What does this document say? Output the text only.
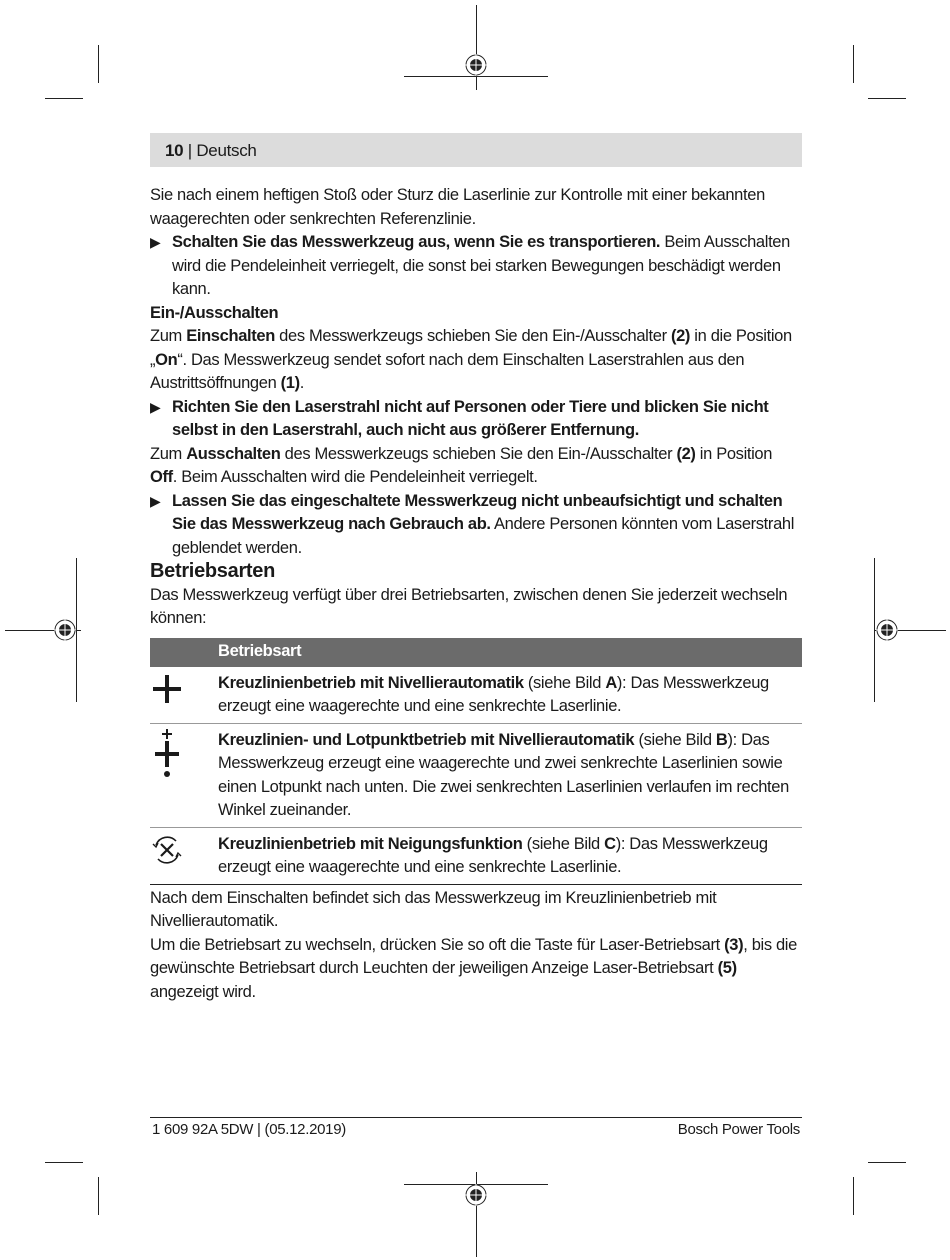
10 | Deutsch

Sie nach einem heftigen Stoß oder Sturz die Laserlinie zur Kontrolle mit einer bekannten waagerechten oder senkrechten Referenzlinie.

▶ Schalten Sie das Messwerkzeug aus, wenn Sie es transportieren. Beim Ausschalten wird die Pendeleinheit verriegelt, die sonst bei starken Bewegungen beschädigt werden kann.

Ein-/Ausschalten

Zum Einschalten des Messwerkzeugs schieben Sie den Ein-/Ausschalter (2) in die Position „On“. Das Messwerkzeug sendet sofort nach dem Einschalten Laserstrahlen aus den Austrittsöffnungen (1).

▶ Richten Sie den Laserstrahl nicht auf Personen oder Tiere und blicken Sie nicht selbst in den Laserstrahl, auch nicht aus größerer Entfernung.

Zum Ausschalten des Messwerkzeugs schieben Sie den Ein-/Ausschalter (2) in Position Off. Beim Ausschalten wird die Pendeleinheit verriegelt.

▶ Lassen Sie das eingeschaltete Messwerkzeug nicht unbeaufsichtigt und schalten Sie das Messwerkzeug nach Gebrauch ab. Andere Personen könnten vom Laserstrahl geblendet werden.

Betriebsarten

Das Messwerkzeug verfügt über drei Betriebsarten, zwischen denen Sie jederzeit wechseln können:

	Betriebsart

	Kreuzlinienbetrieb mit Nivellierautomatik (siehe Bild A): Das Messwerkzeug erzeugt eine waagerechte und eine senkrechte Laserlinie.

	Kreuzlinien- und Lotpunktbetrieb mit Nivellierautomatik (siehe Bild B): Das Messwerkzeug erzeugt eine waagerechte und zwei senkrechte Laserlinien sowie einen Lotpunkt nach unten. Die zwei senkrechten Laserlinien verlaufen im rechten Winkel zueinander.

	Kreuzlinienbetrieb mit Neigungsfunktion (siehe Bild C): Das Messwerkzeug erzeugt eine waagerechte und eine senkrechte Laserlinie.

Nach dem Einschalten befindet sich das Messwerkzeug im Kreuzlinienbetrieb mit Nivellierautomatik.

Um die Betriebsart zu wechseln, drücken Sie so oft die Taste für Laser-Betriebsart (3), bis die gewünschte Betriebsart durch Leuchten der jeweiligen Anzeige Laser-Betriebsart (5) angezeigt wird.

1 609 92A 5DW | (05.12.2019)	Bosch Power Tools
